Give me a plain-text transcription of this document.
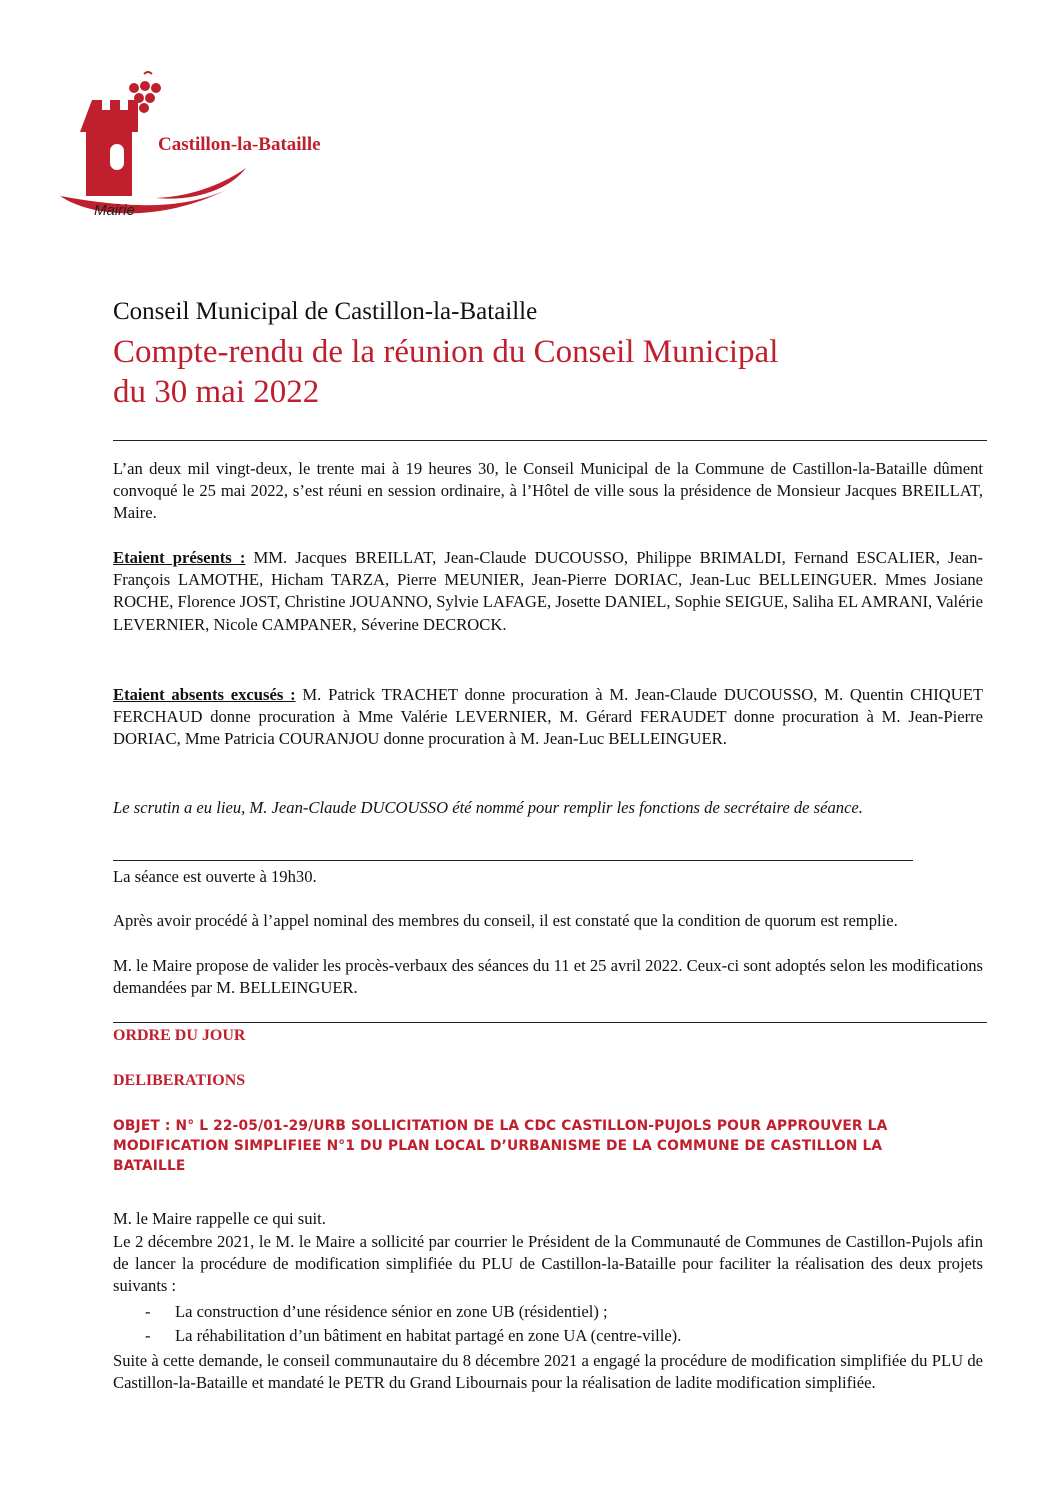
Castillon-la-Bataille
Mairie
Conseil Municipal de Castillon-la-Bataille
Compte-rendu de la réunion du Conseil Municipal
du 30 mai 2022

L’an deux mil vingt-deux, le trente mai à 19 heures 30, le Conseil Municipal de la Commune de Castillon-la-Bataille dûment convoqué le 25 mai 2022, s’est réuni en session ordinaire, à l’Hôtel de ville sous la présidence de Monsieur Jacques BREILLAT, Maire.

Etaient présents : MM. Jacques BREILLAT, Jean-Claude DUCOUSSO, Philippe BRIMALDI, Fernand ESCALIER, Jean-François LAMOTHE, Hicham TARZA, Pierre MEUNIER, Jean-Pierre DORIAC, Jean-Luc BELLEINGUER. Mmes Josiane ROCHE, Florence JOST, Christine JOUANNO, Sylvie LAFAGE, Josette DANIEL, Sophie SEIGUE, Saliha EL AMRANI, Valérie LEVERNIER, Nicole CAMPANER, Séverine DECROCK.

Etaient absents excusés : M. Patrick TRACHET donne procuration à M. Jean-Claude DUCOUSSO, M. Quentin CHIQUET FERCHAUD donne procuration à Mme Valérie LEVERNIER, M. Gérard FERAUDET donne procuration à M. Jean-Pierre DORIAC, Mme Patricia COURANJOU donne procuration à M. Jean-Luc BELLEINGUER.

Le scrutin a eu lieu, M. Jean-Claude DUCOUSSO été nommé pour remplir les fonctions de secrétaire de séance.

La séance est ouverte à 19h30.

Après avoir procédé à l’appel nominal des membres du conseil, il est constaté que la condition de quorum est remplie.

M. le Maire propose de valider les procès-verbaux des séances du 11 et 25 avril 2022. Ceux-ci sont adoptés selon les modifications demandées par M. BELLEINGUER.

ORDRE DU JOUR
DELIBERATIONS
OBJET : N° L 22-05/01-29/URB SOLLICITATION DE LA CDC CASTILLON-PUJOLS POUR APPROUVER LA MODIFICATION SIMPLIFIEE N°1 DU PLAN LOCAL D’URBANISME DE LA COMMUNE DE CASTILLON LA BATAILLE

M. le Maire rappelle ce qui suit.

Le 2 décembre 2021, le M. le Maire a sollicité par courrier le Président de la Communauté de Communes de Castillon-Pujols afin de lancer la procédure de modification simplifiée du PLU de Castillon-la-Bataille pour faciliter la réalisation des deux projets suivants :

- La construction d’une résidence sénior en zone UB (résidentiel) ;
- La réhabilitation d’un bâtiment en habitat partagé en zone UA (centre-ville).

Suite à cette demande, le conseil communautaire du 8 décembre 2021 a engagé la procédure de modification simplifiée du PLU de Castillon-la-Bataille et mandaté le PETR du Grand Libournais pour la réalisation de ladite modification simplifiée.
